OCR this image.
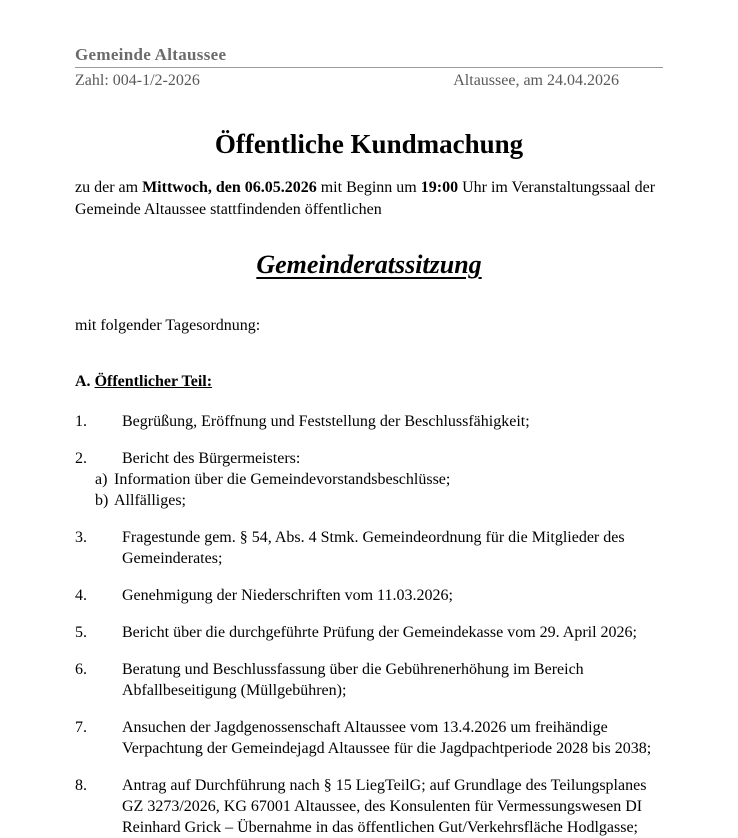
Gemeinde Altaussee
Zahl: 004-1/2-2026	Altaussee, am 24.04.2026
Öffentliche Kundmachung

zu der am Mittwoch, den 06.05.2026 mit Beginn um 19:00 Uhr im Veranstaltungssaal der Gemeinde Altaussee stattfindenden öffentlichen

Gemeinderatssitzung

mit folgender Tagesordnung:

A. Öffentlicher Teil:

1.	Begrüßung, Eröffnung und Feststellung der Beschlussfähigkeit;
2.	Bericht des Bürgermeisters:
a) Information über die Gemeindevorstandsbeschlüsse;
b) Allfälliges;
3.	Fragestunde gem. § 54, Abs. 4 Stmk. Gemeindeordnung für die Mitglieder des Gemeinderates;
4.	Genehmigung der Niederschriften vom 11.03.2026;
5.	Bericht über die durchgeführte Prüfung der Gemeindekasse vom 29. April 2026;
6.	Beratung und Beschlussfassung über die Gebührenerhöhung im Bereich Abfallbeseitigung (Müllgebühren);
7.	Ansuchen der Jagdgenossenschaft Altaussee vom 13.4.2026 um freihändige Verpachtung der Gemeindejagd Altaussee für die Jagdpachtperiode 2028 bis 2038;
8.	Antrag auf Durchführung nach § 15 LiegTeilG; auf Grundlage des Teilungsplanes GZ 3273/2026, KG 67001 Altaussee, des Konsulenten für Vermessungswesen DI Reinhard Grick – Übernahme in das öffentlichen Gut/Verkehrsfläche Hodlgasse;
